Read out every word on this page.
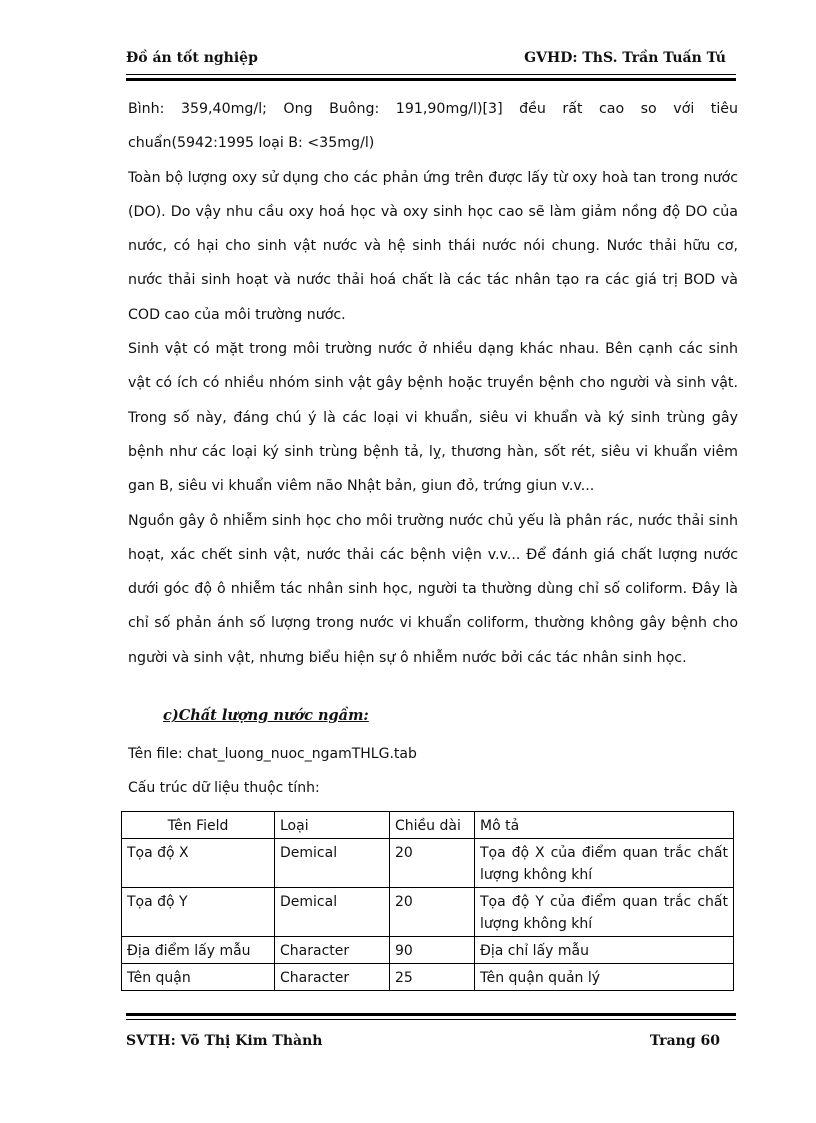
Đồ án tốt nghiệp	GVHD: ThS. Trần Tuấn Tú

Bình: 359,40mg/l; Ong Buông: 191,90mg/l)[3] đều rất cao so với tiêu chuẩn(5942:1995 loại B: <35mg/l)

Toàn bộ lượng oxy sử dụng cho các phản ứng trên được lấy từ oxy hoà tan trong nước (DO). Do vậy nhu cầu oxy hoá học và oxy sinh học cao sẽ làm giảm nồng độ DO của nước, có hại cho sinh vật nước và hệ sinh thái nước nói chung. Nước thải hữu cơ, nước thải sinh hoạt và nước thải hoá chất là các tác nhân tạo ra các giá trị BOD và COD cao của môi trường nước.

Sinh vật có mặt trong môi trường nước ở nhiều dạng khác nhau. Bên cạnh các sinh vật có ích có nhiều nhóm sinh vật gây bệnh hoặc truyền bệnh cho người và sinh vật. Trong số này, đáng chú ý là các loại vi khuẩn, siêu vi khuẩn và ký sinh trùng gây bệnh như các loại ký sinh trùng bệnh tả, lỵ, thương hàn, sốt rét, siêu vi khuẩn viêm gan B, siêu vi khuẩn viêm não Nhật bản, giun đỏ, trứng giun v.v...

Nguồn gây ô nhiễm sinh học cho môi trường nước chủ yếu là phân rác, nước thải sinh hoạt, xác chết sinh vật, nước thải các bệnh viện v.v... Để đánh giá chất lượng nước dưới góc độ ô nhiễm tác nhân sinh học, người ta thường dùng chỉ số coliform. Đây là chỉ số phản ánh số lượng trong nước vi khuẩn coliform, thường không gây bệnh cho người và sinh vật, nhưng biểu hiện sự ô nhiễm nước bởi các tác nhân sinh học.

c)Chất lượng nước ngầm:
Tên file: chat_luong_nuoc_ngamTHLG.tab
Cấu trúc dữ liệu thuộc tính:
Tên Field	Loại	Chiều dài	Mô tả
Tọa độ X	Demical	20	Tọa độ X của điểm quan trắc chất lượng không khí
Tọa độ Y	Demical	20	Tọa độ Y của điểm quan trắc chất lượng không khí
Địa điểm lấy mẫu	Character	90	Địa chỉ lấy mẫu
Tên quận	Character	25	Tên quận quản lý
SVTH: Võ Thị Kim Thành	Trang 60
